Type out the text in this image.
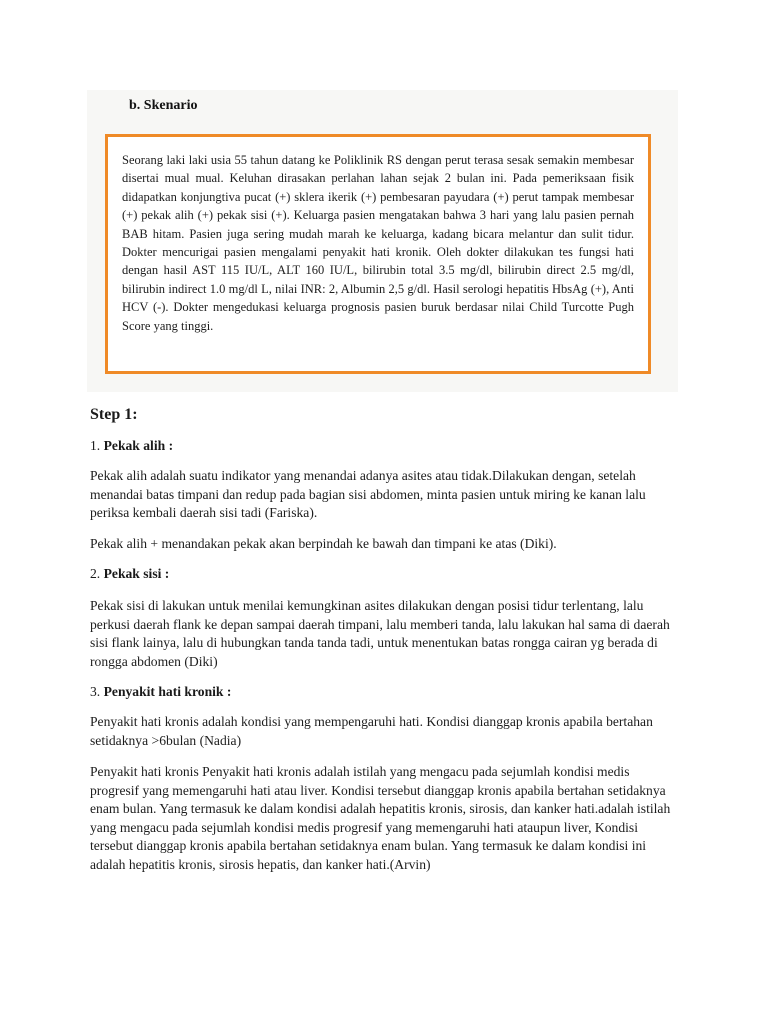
b. Skenario

Seorang laki laki usia 55 tahun datang ke Poliklinik RS dengan perut terasa sesak semakin membesar disertai mual mual. Keluhan dirasakan perlahan lahan sejak 2 bulan ini. Pada pemeriksaan fisik didapatkan konjungtiva pucat (+) sklera ikerik (+) pembesaran payudara (+) perut tampak membesar (+) pekak alih (+) pekak sisi (+). Keluarga pasien mengatakan bahwa 3 hari yang lalu pasien pernah BAB hitam. Pasien juga sering mudah marah ke keluarga, kadang bicara melantur dan sulit tidur. Dokter mencurigai pasien mengalami penyakit hati kronik. Oleh dokter dilakukan tes fungsi hati dengan hasil AST 115 IU/L, ALT 160 IU/L, bilirubin total 3.5 mg/dl, bilirubin direct 2.5 mg/dl, bilirubin indirect 1.0 mg/dl L, nilai INR: 2, Albumin 2,5 g/dl. Hasil serologi hepatitis HbsAg (+), Anti HCV (-). Dokter mengedukasi keluarga prognosis pasien buruk berdasar nilai Child Turcotte Pugh Score yang tinggi.

Step 1:

1. Pekak alih :

Pekak alih adalah suatu indikator yang menandai adanya asites atau tidak.Dilakukan dengan, setelah menandai batas timpani dan redup pada bagian sisi abdomen, minta pasien untuk miring ke kanan lalu periksa kembali daerah sisi tadi (Fariska).

Pekak alih + menandakan pekak akan berpindah ke bawah dan timpani ke atas (Diki).

2. Pekak sisi :

Pekak sisi di lakukan untuk menilai kemungkinan asites dilakukan dengan posisi tidur terlentang, lalu perkusi daerah flank ke depan sampai daerah timpani, lalu memberi tanda, lalu lakukan hal sama di daerah sisi flank lainya, lalu di hubungkan tanda tanda tadi, untuk menentukan batas rongga cairan yg berada di rongga abdomen (Diki)

3. Penyakit hati kronik :

Penyakit hati kronis adalah kondisi yang mempengaruhi hati. Kondisi dianggap kronis apabila bertahan setidaknya >6bulan (Nadia)

Penyakit hati kronis Penyakit hati kronis adalah istilah yang mengacu pada sejumlah kondisi medis progresif yang memengaruhi hati atau liver. Kondisi tersebut dianggap kronis apabila bertahan setidaknya enam bulan. Yang termasuk ke dalam kondisi adalah hepatitis kronis, sirosis, dan kanker hati.adalah istilah yang mengacu pada sejumlah kondisi medis progresif yang memengaruhi hati ataupun liver, Kondisi tersebut dianggap kronis apabila bertahan setidaknya enam bulan. Yang termasuk ke dalam kondisi ini adalah hepatitis kronis, sirosis hepatis, dan kanker hati.(Arvin)
